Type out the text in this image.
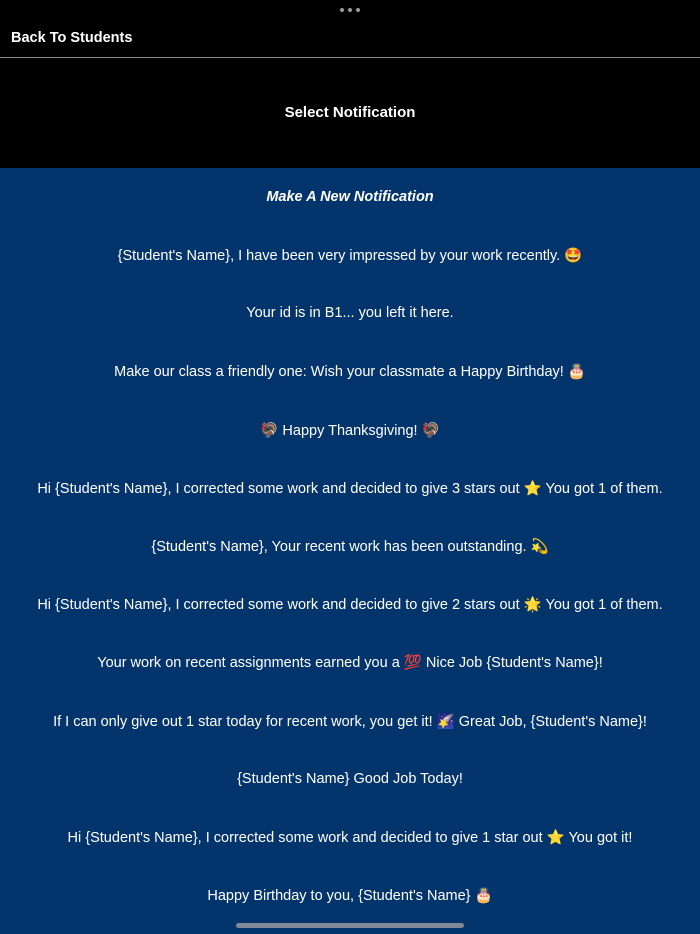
Back To Students
Select Notification
Make A New Notification
{Student's Name}, I have been very impressed by your work recently. 🤩
Your id is in B1... you left it here.
Make our class a friendly one: Wish your classmate a Happy Birthday! 🎂
🦃 Happy Thanksgiving! 🦃
Hi {Student's Name}, I corrected some work and decided to give 3 stars out ⭐ You got 1 of them.
{Student's Name}, Your recent work has been outstanding. 💫
Hi {Student's Name}, I corrected some work and decided to give 2 stars out 🌟 You got 1 of them.
Your work on recent assignments earned you a 💯 Nice Job {Student's Name}!
If I can only give out 1 star today for recent work, you get it! 🌠 Great Job, {Student's Name}!
{Student's Name} Good Job Today!
Hi {Student's Name}, I corrected some work and decided to give 1 star out ⭐ You got it!
Happy Birthday to you, {Student's Name} 🎂
